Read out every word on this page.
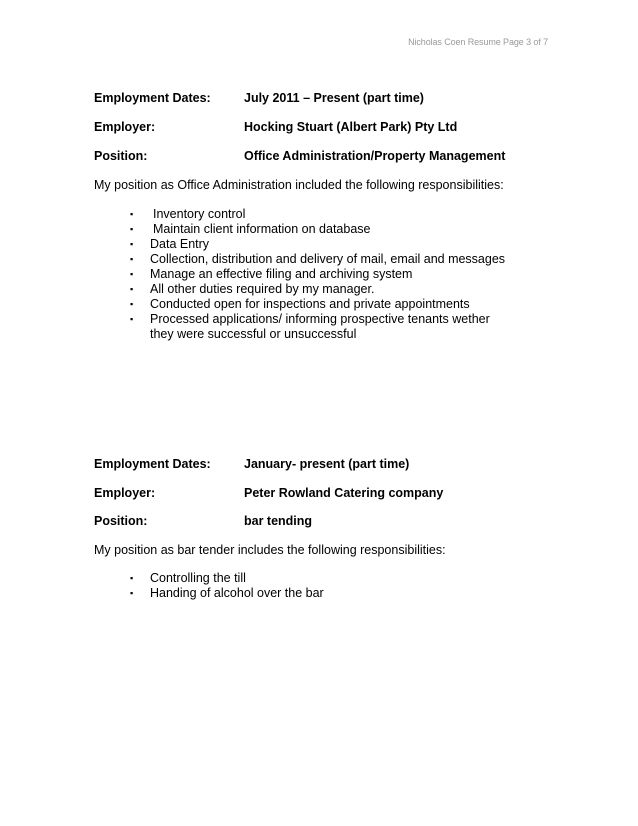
Nicholas Coen Resume Page 3 of 7
Employment Dates:	July 2011 – Present (part time)
Employer:	Hocking Stuart (Albert Park) Pty Ltd
Position:	Office Administration/Property Management
My position as Office Administration included the following responsibilities:
▪ Inventory control
▪ Maintain client information on database
▪ Data Entry
▪ Collection, distribution and delivery of mail, email and messages
▪ Manage an effective filing and archiving system
▪ All other duties required by my manager.
▪ Conducted open for inspections and private appointments
▪ Processed applications/ informing prospective tenants wether they were successful or unsuccessful
Employment Dates:	January- present (part time)
Employer:	Peter Rowland Catering company
Position:	bar tending
My position as bar tender includes the following responsibilities:
▪ Controlling the till
▪ Handing of alcohol over the bar
